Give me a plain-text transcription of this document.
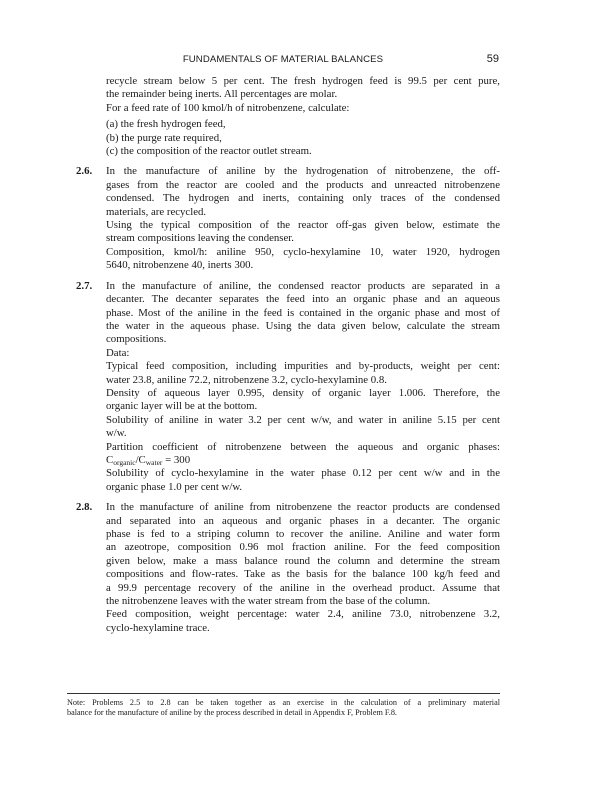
FUNDAMENTALS OF MATERIAL BALANCES	59
recycle stream below 5 per cent. The fresh hydrogen feed is 99.5 per cent pure,
the remainder being inerts. All percentages are molar.
For a feed rate of 100 kmol/h of nitrobenzene, calculate:
(a) the fresh hydrogen feed,
(b) the purge rate required,
(c) the composition of the reactor outlet stream.
2.6. In the manufacture of aniline by the hydrogenation of nitrobenzene, the off-
gases from the reactor are cooled and the products and unreacted nitrobenzene
condensed. The hydrogen and inerts, containing only traces of the condensed
materials, are recycled.
Using the typical composition of the reactor off-gas given below, estimate the
stream compositions leaving the condenser.
Composition, kmol/h: aniline 950, cyclo-hexylamine 10, water 1920, hydrogen
5640, nitrobenzene 40, inerts 300.
2.7. In the manufacture of aniline, the condensed reactor products are separated in a
decanter. The decanter separates the feed into an organic phase and an aqueous
phase. Most of the aniline in the feed is contained in the organic phase and most of
the water in the aqueous phase. Using the data given below, calculate the stream
compositions.
Data:
Typical feed composition, including impurities and by-products, weight per cent:
water 23.8, aniline 72.2, nitrobenzene 3.2, cyclo-hexylamine 0.8.
Density of aqueous layer 0.995, density of organic layer 1.006. Therefore, the
organic layer will be at the bottom.
Solubility of aniline in water 3.2 per cent w/w, and water in aniline 5.15 per cent
w/w.
Partition coefficient of nitrobenzene between the aqueous and organic phases:
$C_{organic}/C_{water} = 300$
Solubility of cyclo-hexylamine in the water phase 0.12 per cent w/w and in the
organic phase 1.0 per cent w/w.
2.8. In the manufacture of aniline from nitrobenzene the reactor products are condensed
and separated into an aqueous and organic phases in a decanter. The organic
phase is fed to a striping column to recover the aniline. Aniline and water form
an azeotrope, composition 0.96 mol fraction aniline. For the feed composition
given below, make a mass balance round the column and determine the stream
compositions and flow-rates. Take as the basis for the balance 100 kg/h feed and
a 99.9 percentage recovery of the aniline in the overhead product. Assume that
the nitrobenzene leaves with the water stream from the base of the column.
Feed composition, weight percentage: water 2.4, aniline 73.0, nitrobenzene 3.2,
cyclo-hexylamine trace.
Note: Problems 2.5 to 2.8 can be taken together as an exercise in the calculation of a preliminary material
balance for the manufacture of aniline by the process described in detail in Appendix F, Problem F.8.
